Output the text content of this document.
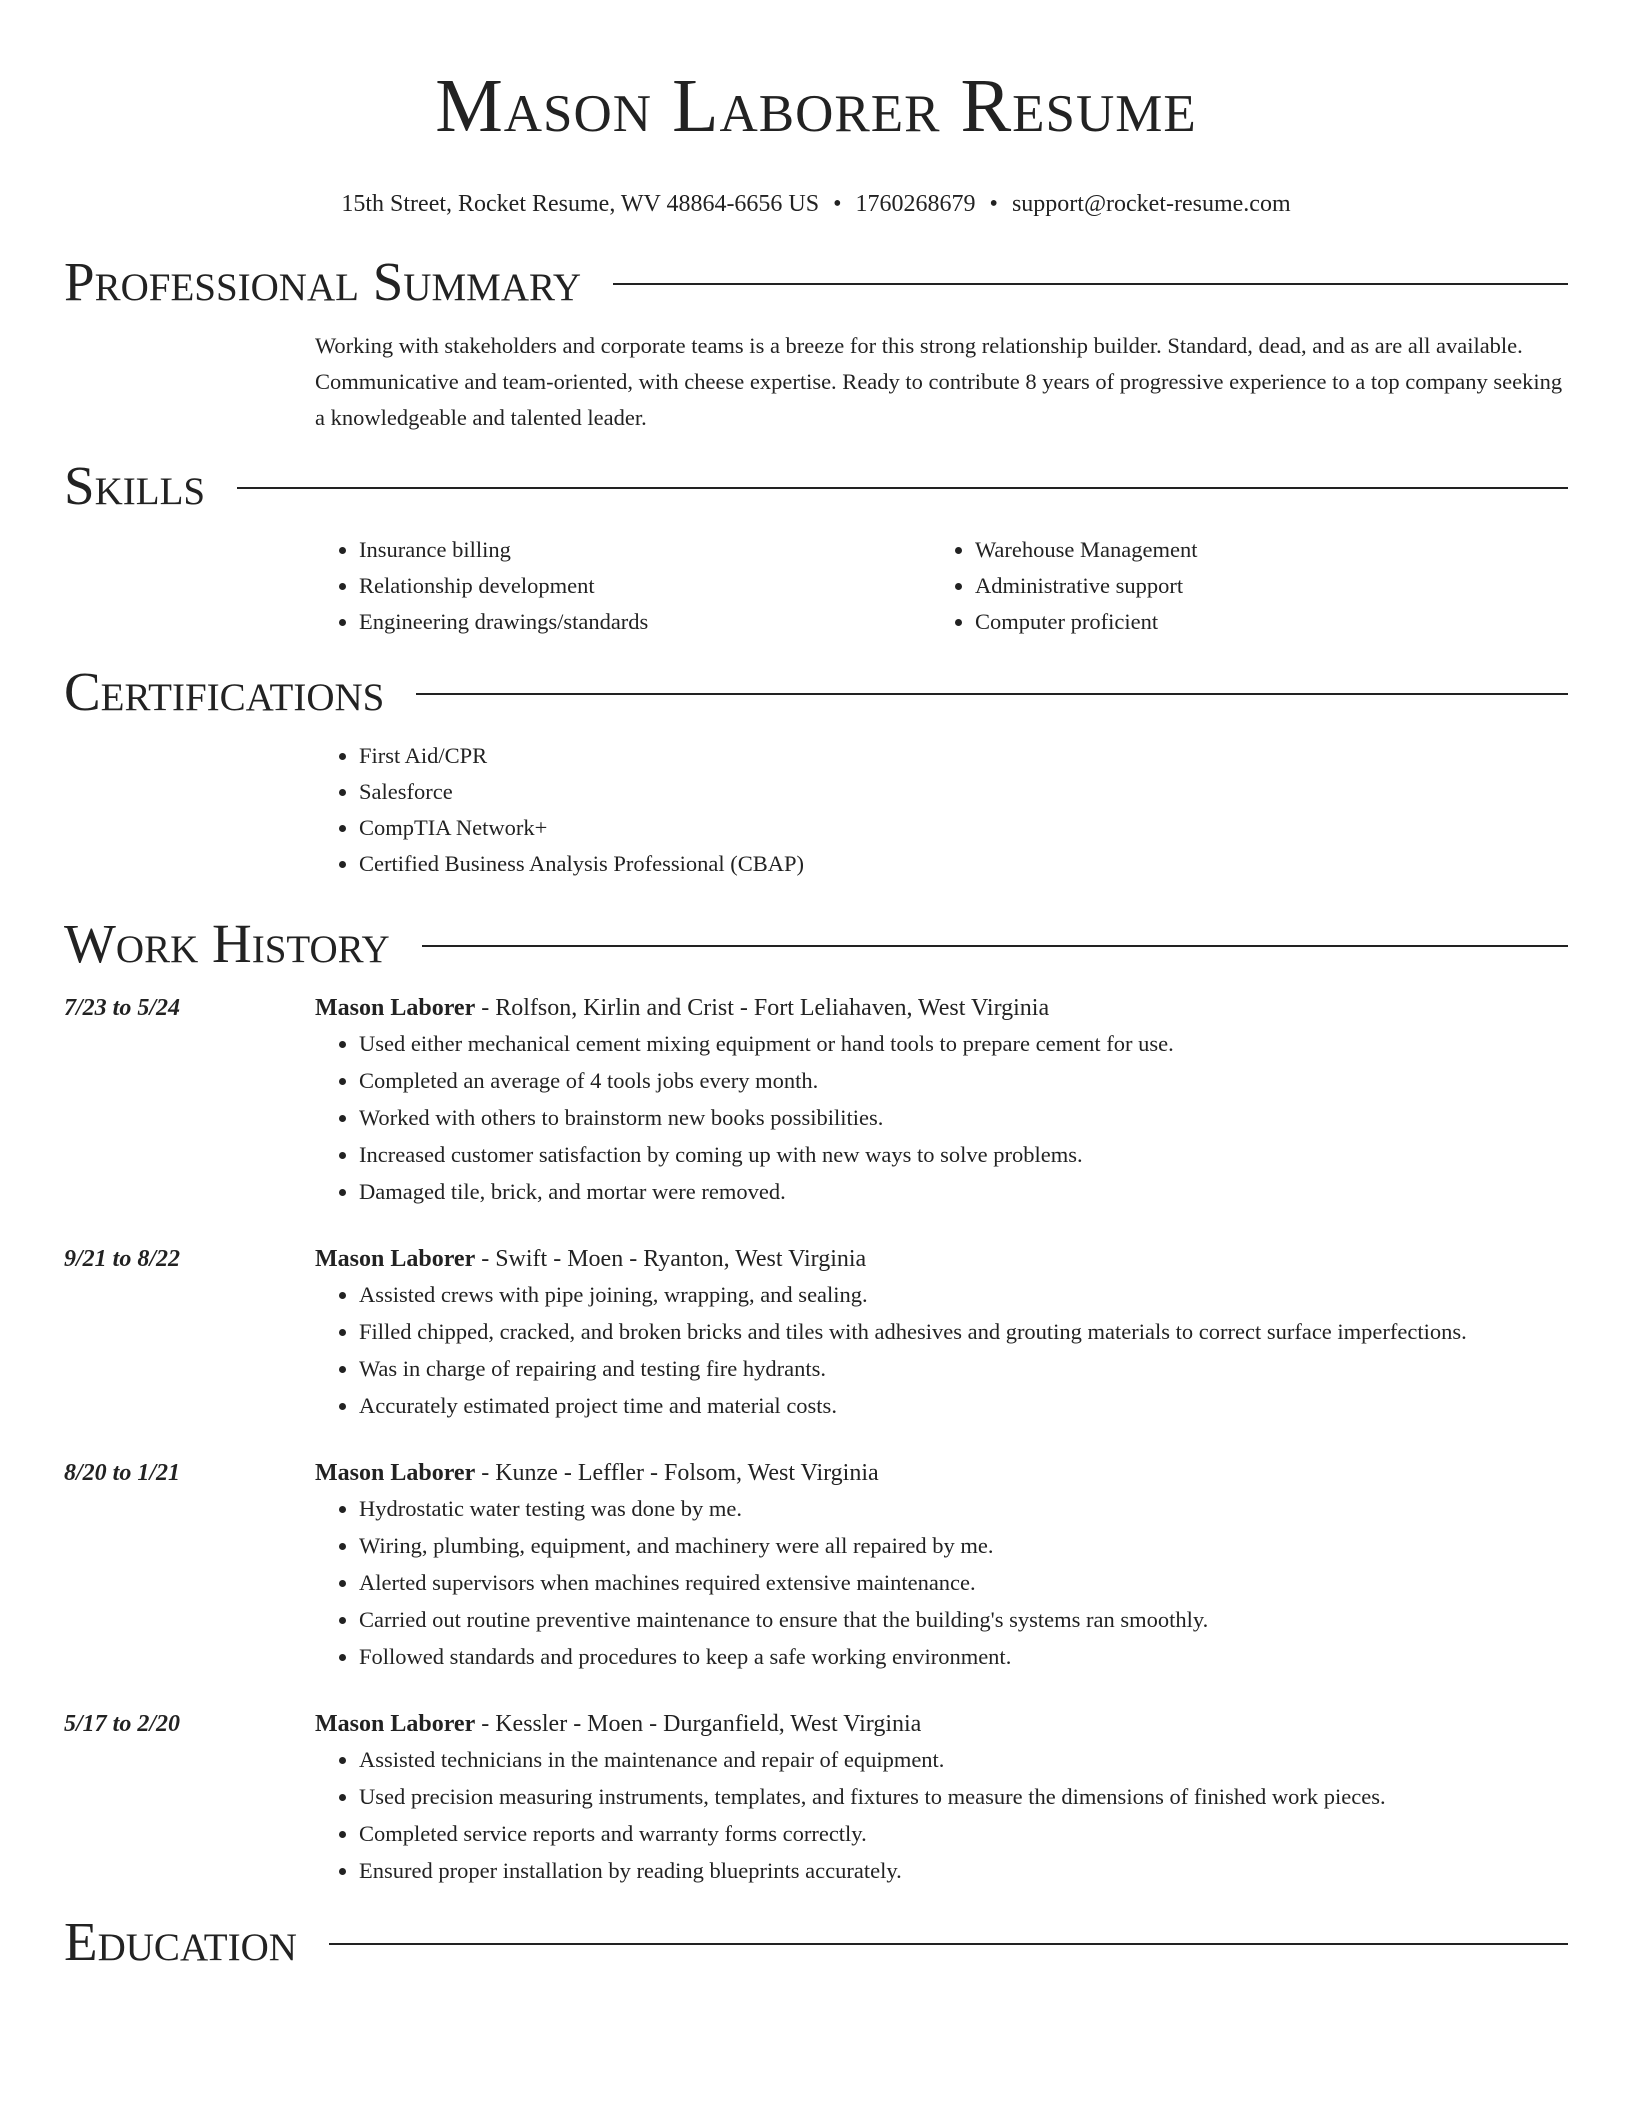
Mason Laborer Resume
15th Street, Rocket Resume, WV 48864-6656 US • 1760268679 • support@rocket-resume.com
Professional Summary

Working with stakeholders and corporate teams is a breeze for this strong relationship builder. Standard, dead, and as are all available. Communicative and team-oriented, with cheese expertise. Ready to contribute 8 years of progressive experience to a top company seeking a knowledgeable and talented leader.

Skills
• Insurance billing
• Relationship development
• Engineering drawings/standards
• Warehouse Management
• Administrative support
• Computer proficient
Certifications
• First Aid/CPR
• Salesforce
• CompTIA Network+
• Certified Business Analysis Professional (CBAP)
Work History
7/23 to 5/24	Mason Laborer - Rolfson, Kirlin and Crist - Fort Leliahaven, West Virginia
• Used either mechanical cement mixing equipment or hand tools to prepare cement for use.
• Completed an average of 4 tools jobs every month.
• Worked with others to brainstorm new books possibilities.
• Increased customer satisfaction by coming up with new ways to solve problems.
• Damaged tile, brick, and mortar were removed.
9/21 to 8/22	Mason Laborer - Swift - Moen - Ryanton, West Virginia
• Assisted crews with pipe joining, wrapping, and sealing.
• Filled chipped, cracked, and broken bricks and tiles with adhesives and grouting materials to correct surface imperfections.
• Was in charge of repairing and testing fire hydrants.
• Accurately estimated project time and material costs.
8/20 to 1/21	Mason Laborer - Kunze - Leffler - Folsom, West Virginia
• Hydrostatic water testing was done by me.
• Wiring, plumbing, equipment, and machinery were all repaired by me.
• Alerted supervisors when machines required extensive maintenance.
• Carried out routine preventive maintenance to ensure that the building's systems ran smoothly.
• Followed standards and procedures to keep a safe working environment.
5/17 to 2/20	Mason Laborer - Kessler - Moen - Durganfield, West Virginia
• Assisted technicians in the maintenance and repair of equipment.
• Used precision measuring instruments, templates, and fixtures to measure the dimensions of finished work pieces.
• Completed service reports and warranty forms correctly.
• Ensured proper installation by reading blueprints accurately.
Education
